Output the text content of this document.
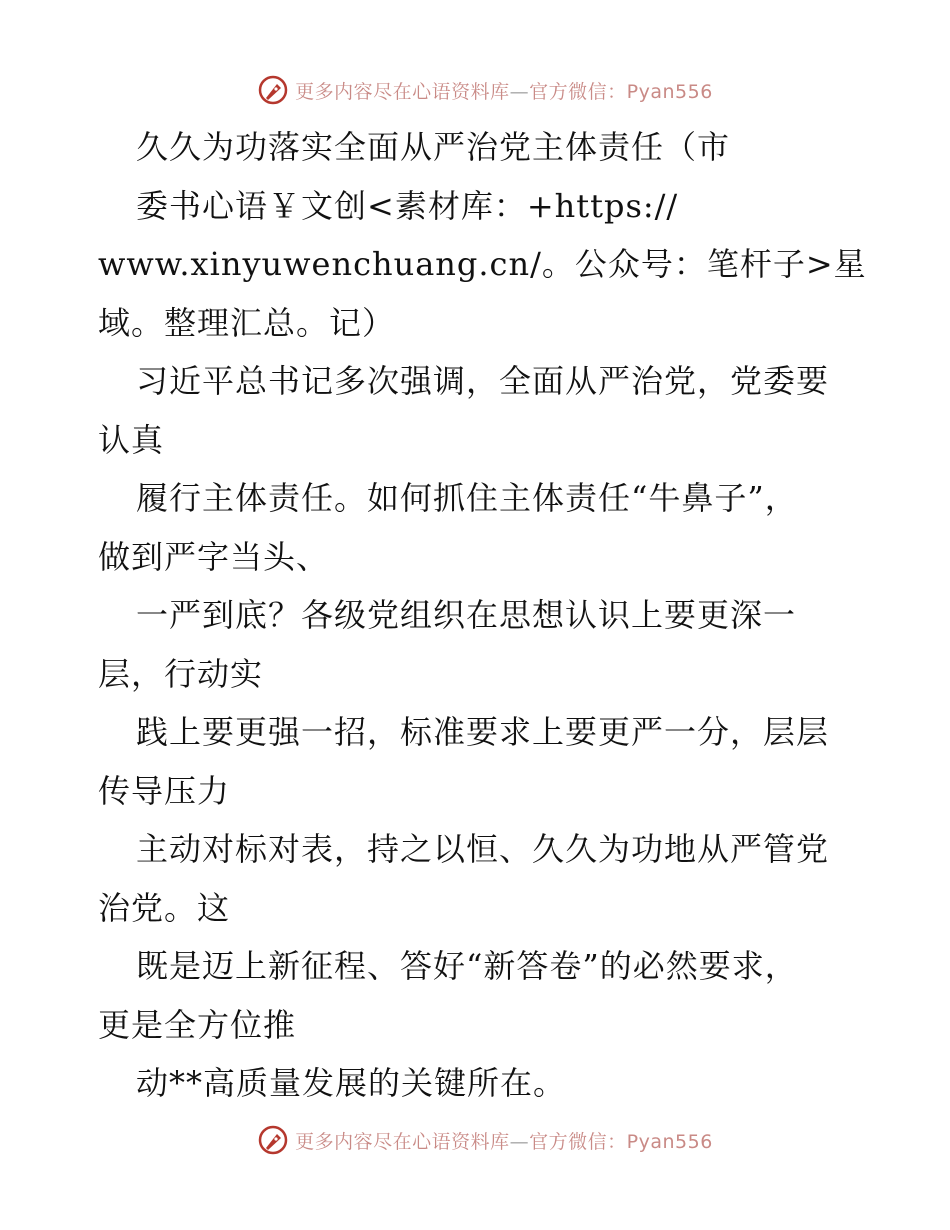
更多内容尽在心语资料库—官方微信：Pyan556
久久为功落实全面从严治党主体责任（市
委书心语￥文创<素材库：+https://
www.xinyuwenchuang.cn/。公众号：笔杆子>星
域。整理汇总。记）
习近平总书记多次强调，全面从严治党，党委要
认真
履行主体责任。如何抓住主体责任“牛鼻子”，
做到严字当头、
一严到底？各级党组织在思想认识上要更深一
层，行动实
践上要更强一招，标准要求上要更严一分，层层
传导压力
主动对标对表，持之以恒、久久为功地从严管党
治党。这
既是迈上新征程、答好“新答卷”的必然要求，
更是全方位推
动**高质量发展的关键所在。
更多内容尽在心语资料库—官方微信：Pyan556
